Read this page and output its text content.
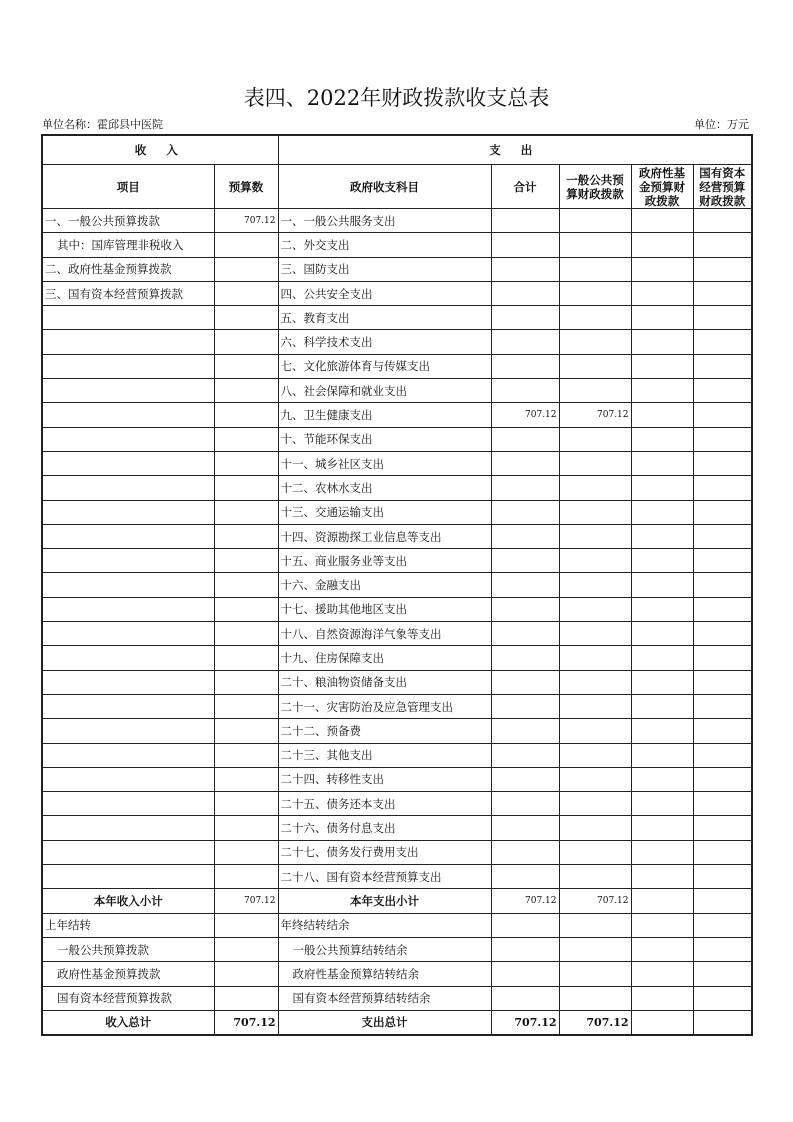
表四、2022年财政拨款收支总表
单位名称：霍邱县中医院	单位：万元
收 入		支 出				
项目	预算数	政府收支科目	合计	一般公共预算财政拨款	政府性基金预算财政拨款	国有资本经营预算财政拨款
一、一般公共预算拨款	707.12	一、一般公共服务支出				
其中：国库管理非税收入		二、外交支出				
二、政府性基金预算拨款		三、国防支出				
三、国有资本经营预算拨款		四、公共安全支出				
		五、教育支出				
		六、科学技术支出				
		七、文化旅游体育与传媒支出				
		八、社会保障和就业支出				
		九、卫生健康支出	707.12	707.12		
		十、节能环保支出				
		十一、城乡社区支出				
		十二、农林水支出				
		十三、交通运输支出				
		十四、资源勘探工业信息等支出				
		十五、商业服务业等支出				
		十六、金融支出				
		十七、援助其他地区支出				
		十八、自然资源海洋气象等支出				
		十九、住房保障支出				
		二十、粮油物资储备支出				
		二十一、灾害防治及应急管理支出				
		二十二、预备费				
		二十三、其他支出				
		二十四、转移性支出				
		二十五、债务还本支出				
		二十六、债务付息支出				
		二十七、债务发行费用支出				
		二十八、国有资本经营预算支出				
本年收入小计	707.12	本年支出小计	707.12	707.12		
上年结转		年终结转结余				
一般公共预算拨款		一般公共预算结转结余				
政府性基金预算拨款		政府性基金预算结转结余				
国有资本经营预算拨款		国有资本经营预算结转结余				
收入总计	707.12	支出总计	707.12	707.12		
